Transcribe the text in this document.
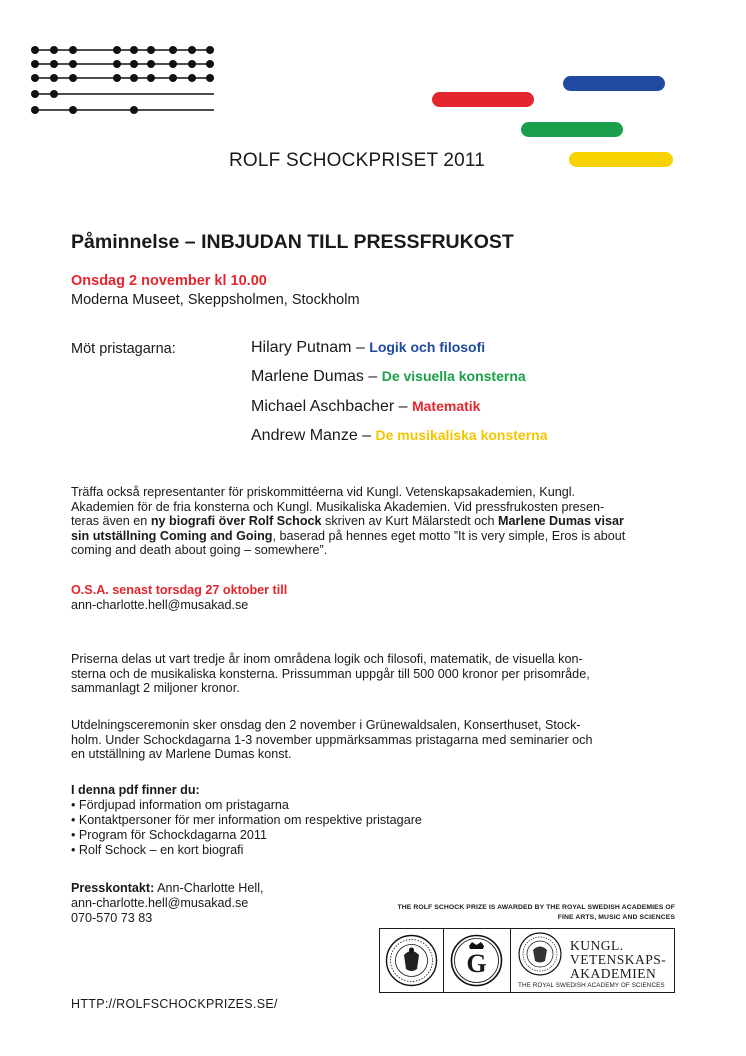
ROLF SCHOCKPRISET 2011
Påminnelse – INBJUDAN TILL PRESSFRUKOST
Onsdag 2 november kl 10.00
Moderna Museet, Skeppsholmen, Stockholm
Möt pristagarna:	Hilary Putnam – Logik och filosofi
Marlene Dumas – De visuella konsterna
Michael Aschbacher – Matematik
Andrew Manze – De musikaliska konsterna
Träffa också representanter för priskommittéerna vid Kungl. Vetenskapsakademien, Kungl.
Akademien för de fria konsterna och Kungl. Musikaliska Akademien. Vid pressfrukosten presen-
teras även en ny biografi över Rolf Schock skriven av Kurt Mälarstedt och Marlene Dumas visar
sin utställning Coming and Going, baserad på hennes eget motto ”It is very simple, Eros is about
coming and death about going – somewhere”.
O.S.A. senast torsdag 27 oktober till
ann-charlotte.hell@musakad.se
Priserna delas ut vart tredje år inom områdena logik och filosofi, matematik, de visuella kon-
sterna och de musikaliska konsterna. Prissumman uppgår till 500 000 kronor per prisområde,
sammanlagt 2 miljoner kronor.
Utdelningsceremonin sker onsdag den 2 november i Grünewaldsalen, Konserthuset, Stock-
holm. Under Schockdagarna 1-3 november uppmärksammas pristagarna med seminarier och
en utställning av Marlene Dumas konst.
I denna pdf finner du:
• Fördjupad information om pristagarna
• Kontaktpersoner för mer information om respektive pristagare
• Program för Schockdagarna 2011
• Rolf Schock – en kort biografi
Presskontakt: Ann-Charlotte Hell,
ann-charlotte.hell@musakad.se
070-570 73 83
HTTP://ROLFSCHOCKPRIZES.SE/
THE ROLF SCHOCK PRIZE IS AWARDED BY THE ROYAL SWEDISH ACADEMIES OF
FINE ARTS, MUSIC AND SCIENCES
G
KUNGL.
VETENSKAPS-
AKADEMIEN
THE ROYAL SWEDISH ACADEMY OF SCIENCES
